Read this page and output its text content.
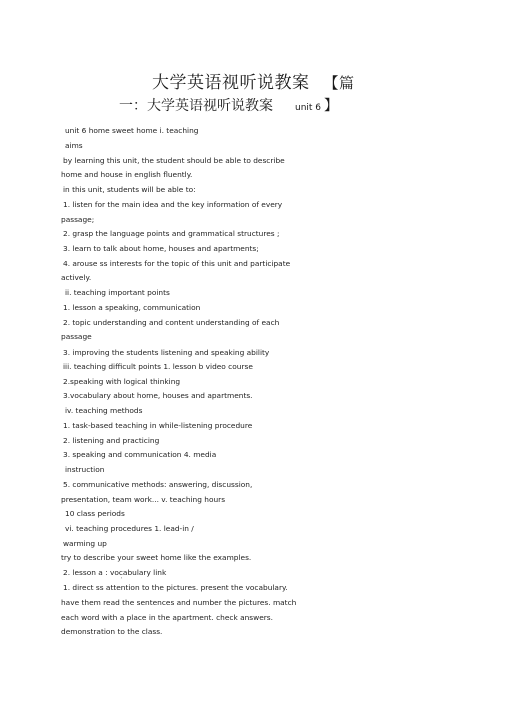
大学英语视听说教案 【篇
一：大学英语视听说教案 unit 6 】
unit 6 home sweet home i. teaching
aims
by learning this unit, the student should be able to describe
home and house in english fluently.
in this unit, students will be able to:
1. listen for the main idea and the key information of every
passage;
2. grasp the language points and grammatical structures ;
3. learn to talk about home, houses and apartments;
4. arouse ss interests for the topic of this unit and participate
actively.
ii. teaching important points
1. lesson a speaking, communication
2. topic understanding and content understanding of each
passage
3. improving the students listening and speaking ability
iii. teaching difficult points 1. lesson b video course
2.speaking with logical thinking
3.vocabulary about home, houses and apartments.
iv. teaching methods
1. task-based teaching in while-listening procedure
2. listening and practicing
3. speaking and communication 4. media
instruction
5. communicative methods: answering, discussion,
presentation, team work... v. teaching hours
10 class periods
vi. teaching procedures 1. lead-in /
warming up
try to describe your sweet home like the examples.
2. lesson a : vocabulary link
1. direct ss attention to the pictures. present the vocabulary.
have them read the sentences and number the pictures. match
each word with a place in the apartment. check answers.
demonstration to the class.
'
